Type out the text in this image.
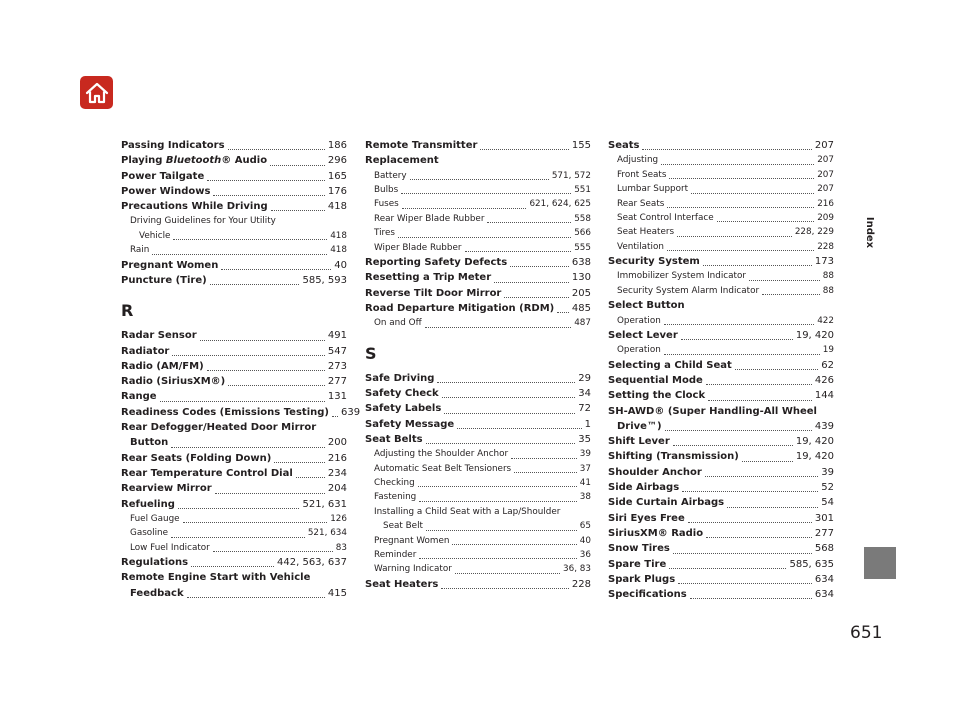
Passing Indicators	186
Playing Bluetooth® Audio	296
Power Tailgate	165
Power Windows	176
Precautions While Driving	418
Driving Guidelines for Your Utility
Vehicle	418
Rain	418
Pregnant Women	40
Puncture (Tire)	585, 593
R
Radar Sensor	491
Radiator	547
Radio (AM/FM)	273
Radio (SiriusXM®)	277
Range	131
Readiness Codes (Emissions Testing) 639
Rear Defogger/Heated Door Mirror
Button	200
Rear Seats (Folding Down)	216
Rear Temperature Control Dial	234
Rearview Mirror	204
Refueling	521, 631
Fuel Gauge	126
Gasoline	521, 634
Low Fuel Indicator	83
Regulations	442, 563, 637
Remote Engine Start with Vehicle
Feedback	415
Remote Transmitter	155
Replacement
Battery	571, 572
Bulbs	551
Fuses	621, 624, 625
Rear Wiper Blade Rubber	558
Tires	566
Wiper Blade Rubber	555
Reporting Safety Defects	638
Resetting a Trip Meter	130
Reverse Tilt Door Mirror	205
Road Departure Mitigation (RDM) 485
On and Off	487
S
Safe Driving	29
Safety Check	34
Safety Labels	72
Safety Message	1
Seat Belts	35
Adjusting the Shoulder Anchor	39
Automatic Seat Belt Tensioners	37
Checking	41
Fastening	38
Installing a Child Seat with a Lap/Shoulder
Seat Belt	65
Pregnant Women	40
Reminder	36
Warning Indicator	36, 83
Seat Heaters	228
Seats	207
Adjusting	207
Front Seats	207
Lumbar Support	207
Rear Seats	216
Seat Control Interface	209
Seat Heaters	228, 229
Ventilation	228
Security System	173
Immobilizer System Indicator	88
Security System Alarm Indicator	88
Select Button
Operation	422
Select Lever	19, 420
Operation	19
Selecting a Child Seat	62
Sequential Mode	426
Setting the Clock	144
SH-AWD® (Super Handling-All Wheel
Drive™)	439
Shift Lever	19, 420
Shifting (Transmission)	19, 420
Shoulder Anchor	39
Side Airbags	52
Side Curtain Airbags	54
Siri Eyes Free	301
SiriusXM® Radio	277
Snow Tires	568
Spare Tire	585, 635
Spark Plugs	634
Specifications	634
Index
651
